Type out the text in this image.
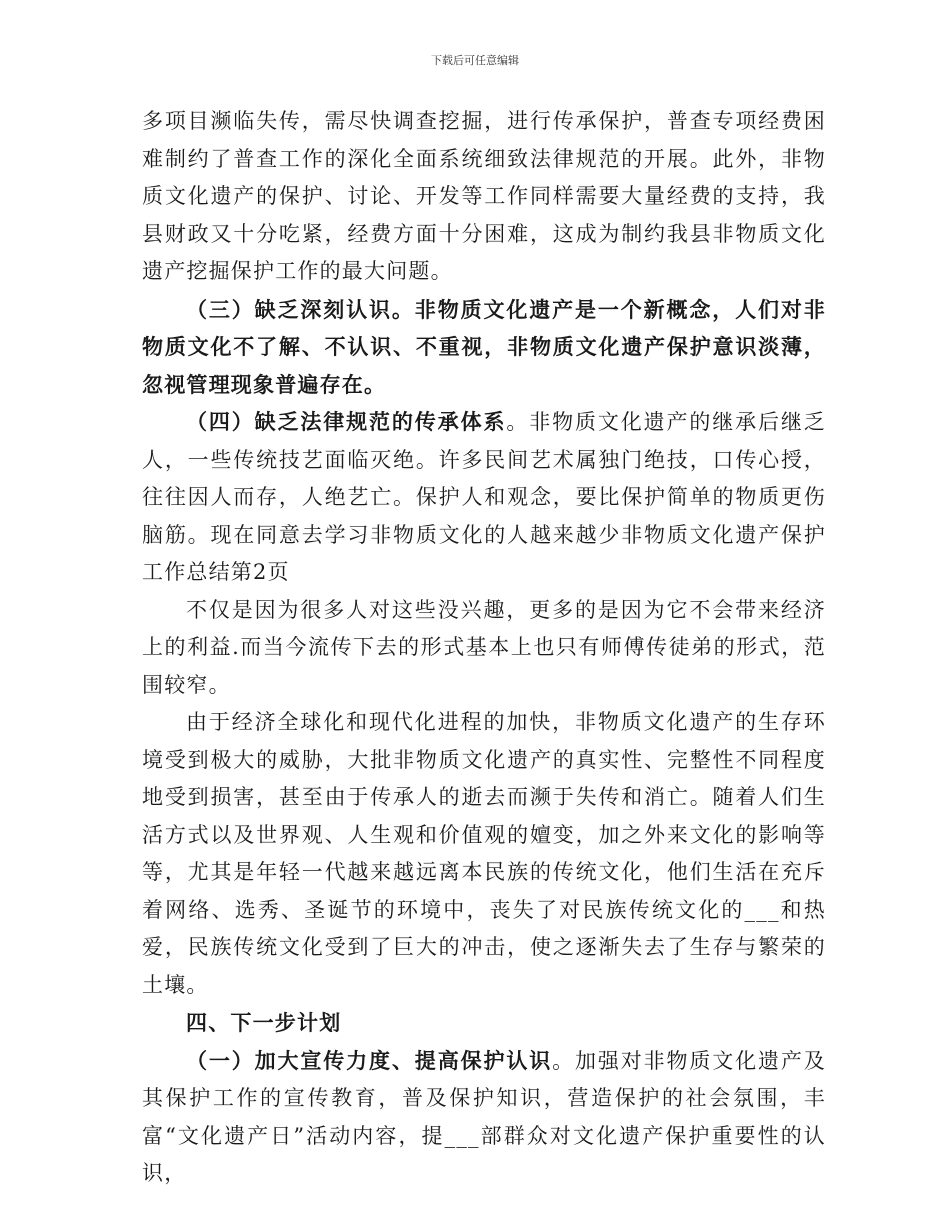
下载后可任意编辑

多项目濒临失传，需尽快调查挖掘，进行传承保护，普查专项经费困难制约了普查工作的深化全面系统细致法律规范的开展。此外，非物质文化遗产的保护、讨论、开发等工作同样需要大量经费的支持，我县财政又十分吃紧，经费方面十分困难，这成为制约我县非物质文化遗产挖掘保护工作的最大问题。

（三）缺乏深刻认识。非物质文化遗产是一个新概念，人们对非物质文化不了解、不认识、不重视，非物质文化遗产保护意识淡薄，忽视管理现象普遍存在。

（四）缺乏法律规范的传承体系。非物质文化遗产的继承后继乏人，一些传统技艺面临灭绝。许多民间艺术属独门绝技，口传心授，往往因人而存，人绝艺亡。保护人和观念，要比保护简单的物质更伤脑筋。现在同意去学习非物质文化的人越来越少非物质文化遗产保护工作总结第2页

不仅是因为很多人对这些没兴趣，更多的是因为它不会带来经济上的利益.而当今流传下去的形式基本上也只有师傅传徒弟的形式，范围较窄。

由于经济全球化和现代化进程的加快，非物质文化遗产的生存环境受到极大的威胁，大批非物质文化遗产的真实性、完整性不同程度地受到损害，甚至由于传承人的逝去而濒于失传和消亡。随着人们生活方式以及世界观、人生观和价值观的嬗变，加之外来文化的影响等等，尤其是年轻一代越来越远离本民族的传统文化，他们生活在充斥着网络、选秀、圣诞节的环境中，丧失了对民族传统文化的___和热爱，民族传统文化受到了巨大的冲击，使之逐渐失去了生存与繁荣的土壤。

四、下一步计划

（一）加大宣传力度、提高保护认识。加强对非物质文化遗产及其保护工作的宣传教育，普及保护知识，营造保护的社会氛围，丰富“文化遗产日”活动内容，提___部群众对文化遗产保护重要性的认识，
